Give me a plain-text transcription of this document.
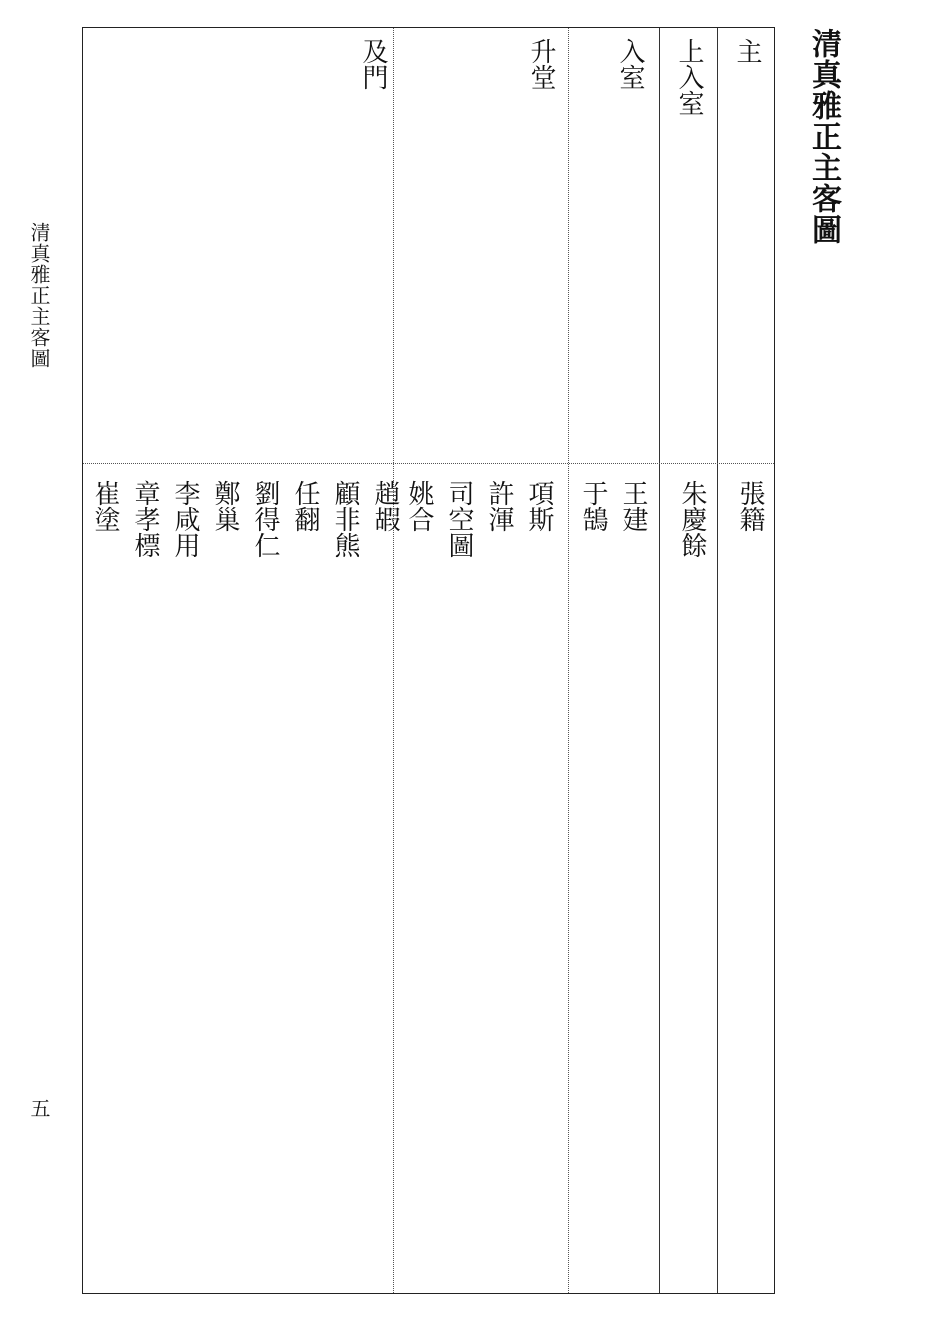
清真雅正主客圖
清真雅正主客圖
五
主
上入室
入室
升堂
及門
張籍
朱慶餘
王建
于鵠
項斯
許渾
司空圖
姚合
趙嘏
顧非熊
任翻
劉得仁
鄭巢
李咸用
章孝標
崔塗
